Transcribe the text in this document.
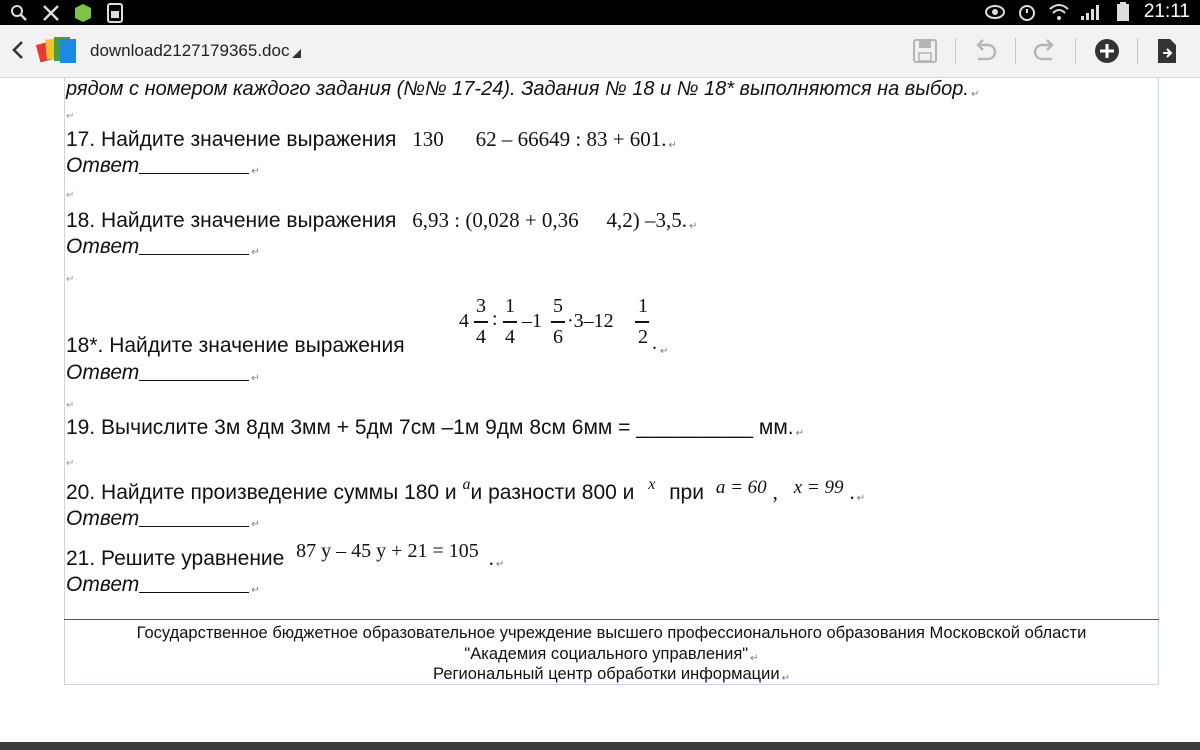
21:11
download2127179365.doc
рядом с номером каждого задания (№№ 17-24). Задания № 18 и № 18* выполняются на выбор. ↵
↵
17. Найдите значение выражения 130 62 – 66649 : 83 + 601. ↵
Ответ	↵
↵
18. Найдите значение выражения 6,93 : (0,028 + 0,36 4,2) –3,5. ↵
Ответ	↵
↵
18*. Найдите значение выражения
4
3
4
:
1
4
–1
5
6
·3–12
1
2 . ↵
Ответ	↵
↵
19. Вычислите 3м 8дм 3мм + 5дм 7см –1м 9дм 8см 6мм = __________ мм. ↵
↵
20. Найдите произведение суммы 180 и $^a$и разности 800 и $^x$ при a = 60 , x = 99 . ↵
Ответ	↵
21. Решите уравнение 87 y – 45 y + 21 = 105 . ↵
Ответ	↵
Государственное бюджетное образовательное учреждение высшего профессионального образования Московской области
"Академия социального управления" ↵
Региональный центр обработки информации ↵
